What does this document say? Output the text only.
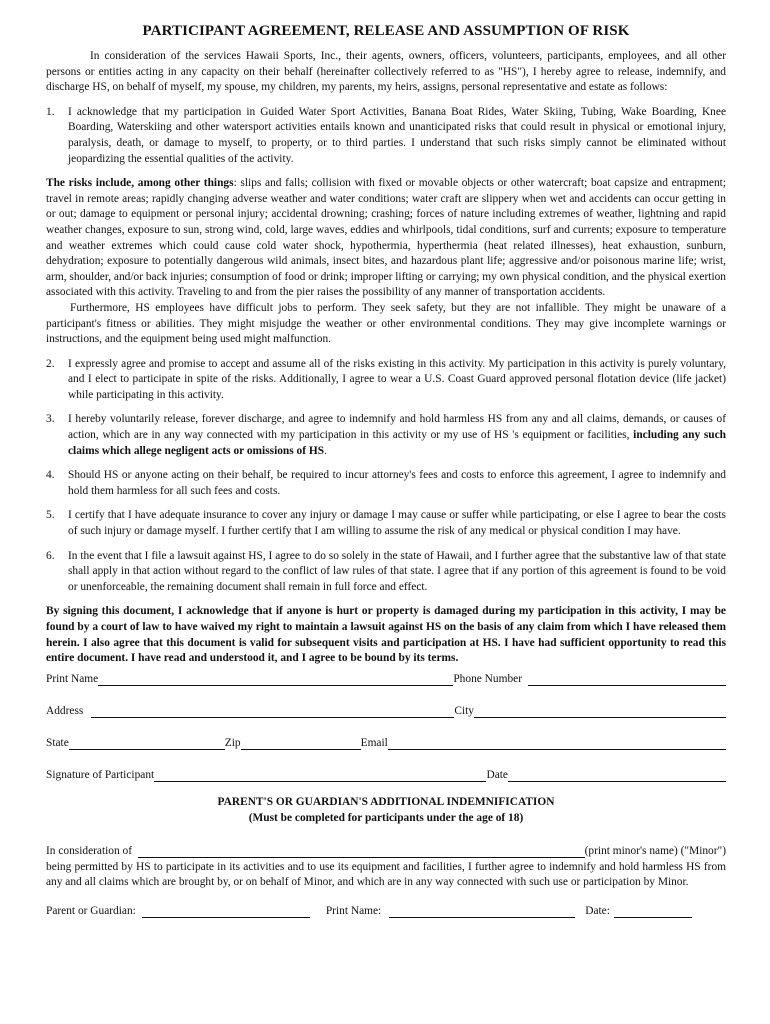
PARTICIPANT AGREEMENT, RELEASE AND ASSUMPTION OF RISK

In consideration of the services Hawaii Sports, Inc., their agents, owners, officers, volunteers, participants, employees, and all other persons or entities acting in any capacity on their behalf (hereinafter collectively referred to as "HS"), I hereby agree to release, indemnify, and discharge HS, on behalf of myself, my spouse, my children, my parents, my heirs, assigns, personal representative and estate as follows:

1.	I acknowledge that my participation in Guided Water Sport Activities, Banana Boat Rides, Water Skiing, Tubing, Wake Boarding, Knee Boarding, Waterskiing and other watersport activities entails known and unanticipated risks that could result in physical or emotional injury, paralysis, death, or damage to myself, to property, or to third parties. I understand that such risks simply cannot be eliminated without jeopardizing the essential qualities of the activity.

The risks include, among other things: slips and falls; collision with fixed or movable objects or other watercraft; boat capsize and entrapment; travel in remote areas; rapidly changing adverse weather and water conditions; water craft are slippery when wet and accidents can occur getting in or out; damage to equipment or personal injury; accidental drowning; crashing; forces of nature including extremes of weather, lightning and rapid weather changes, exposure to sun, strong wind, cold, large waves, eddies and whirlpools, tidal conditions, surf and currents; exposure to temperature and weather extremes which could cause cold water shock, hypothermia, hyperthermia (heat related illnesses), heat exhaustion, sunburn, dehydration; exposure to potentially dangerous wild animals, insect bites, and hazardous plant life; aggressive and/or poisonous marine life; wrist, arm, shoulder, and/or back injuries; consumption of food or drink; improper lifting or carrying; my own physical condition, and the physical exertion associated with this activity. Traveling to and from the pier raises the possibility of any manner of transportation accidents.

Furthermore, HS employees have difficult jobs to perform. They seek safety, but they are not infallible. They might be unaware of a participant's fitness or abilities. They might misjudge the weather or other environmental conditions. They may give incomplete warnings or instructions, and the equipment being used might malfunction.

2.	I expressly agree and promise to accept and assume all of the risks existing in this activity. My participation in this activity is purely voluntary, and I elect to participate in spite of the risks. Additionally, I agree to wear a U.S. Coast Guard approved personal flotation device (life jacket) while participating in this activity.

3.	I hereby voluntarily release, forever discharge, and agree to indemnify and hold harmless HS from any and all claims, demands, or causes of action, which are in any way connected with my participation in this activity or my use of HS 's equipment or facilities, including any such claims which allege negligent acts or omissions of HS.

4.	Should HS or anyone acting on their behalf, be required to incur attorney's fees and costs to enforce this agreement, I agree to indemnify and hold them harmless for all such fees and costs.

5.	I certify that I have adequate insurance to cover any injury or damage I may cause or suffer while participating, or else I agree to bear the costs of such injury or damage myself. I further certify that I am willing to assume the risk of any medical or physical condition I may have.

6.	In the event that I file a lawsuit against HS, I agree to do so solely in the state of Hawaii, and I further agree that the substantive law of that state shall apply in that action without regard to the conflict of law rules of that state. I agree that if any portion of this agreement is found to be void or unenforceable, the remaining document shall remain in full force and effect.

By signing this document, I acknowledge that if anyone is hurt or property is damaged during my participation in this activity, I may be found by a court of law to have waived my right to maintain a lawsuit against HS on the basis of any claim from which I have released them herein. I also agree that this document is valid for subsequent visits and participation at HS. I have had sufficient opportunity to read this entire document. I have read and understood it, and I agree to be bound by its terms.

Print Name	Phone Number
Address	City
State	Zip	Email
Signature of Participant	Date
PARENT'S OR GUARDIAN'S ADDITIONAL INDEMNIFICATION
(Must be completed for participants under the age of 18)
In consideration of	(print minor's name) ("Minor")

being permitted by HS to participate in its activities and to use its equipment and facilities, I further agree to indemnify and hold harmless HS from any and all claims which are brought by, or on behalf of Minor, and which are in any way connected with such use or participation by Minor.

Parent or Guardian:	Print Name:	Date:
